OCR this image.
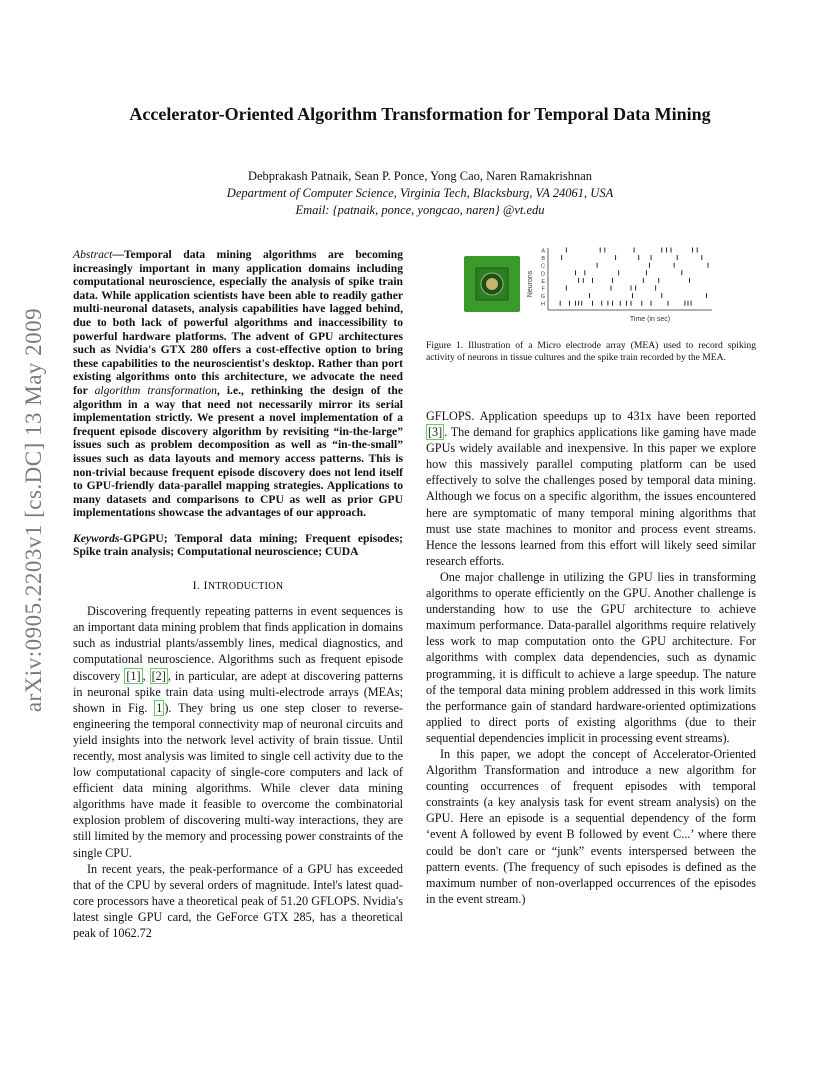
arXiv:0905.2203v1 [cs.DC] 13 May 2009
Accelerator-Oriented Algorithm Transformation for Temporal Data Mining
Debprakash Patnaik, Sean P. Ponce, Yong Cao, Naren Ramakrishnan
Department of Computer Science, Virginia Tech, Blacksburg, VA 24061, USA
Email: {patnaik, ponce, yongcao, naren} @vt.edu

Abstract—Temporal data mining algorithms are becoming increasingly important in many application domains including computational neuroscience, especially the analysis of spike train data. While application scientists have been able to readily gather multi-neuronal datasets, analysis capabilities have lagged behind, due to both lack of powerful algorithms and inaccessibility to powerful hardware platforms. The advent of GPU architectures such as Nvidia's GTX 280 offers a cost-effective option to bring these capabilities to the neuroscientist's desktop. Rather than port existing algorithms onto this architecture, we advocate the need for algorithm transformation, i.e., rethinking the design of the algorithm in a way that need not necessarily mirror its serial implementation strictly. We present a novel implementation of a frequent episode discovery algorithm by revisiting “in-the-large” issues such as problem decomposition as well as “in-the-small” issues such as data layouts and memory access patterns. This is non-trivial because frequent episode discovery does not lend itself to GPU-friendly data-parallel mapping strategies. Applications to many datasets and comparisons to CPU as well as prior GPU implementations showcase the advantages of our approach.

Keywords-GPGPU; Temporal data mining; Frequent episodes; Spike train analysis; Computational neuroscience; CUDA

I. INTRODUCTION

Discovering frequently repeating patterns in event sequences is an important data mining problem that finds application in domains such as industrial plants/assembly lines, medical diagnostics, and computational neuroscience. Algorithms such as frequent episode discovery [1] , [2] , in particular, are adept at discovering patterns in neuronal spike train data using multi-electrode arrays (MEAs; shown in Fig. 1 ). They bring us one step closer to reverse-engineering the temporal connectivity map of neuronal circuits and yield insights into the network level activity of brain tissue. Until recently, most analysis was limited to single cell activity due to the low computational capacity of single-core computers and lack of efficient data mining algorithms. While clever data mining algorithms have made it feasible to overcome the combinatorial explosion problem of discovering multi-way interactions, they are still limited by the memory and processing power constraints of the single CPU.

In recent years, the peak-performance of a GPU has exceeded that of the CPU by several orders of magnitude. Intel's latest quad-core processors have a theoretical peak of 51.20 GFLOPS. Nvidia's latest single GPU card, the GeForce GTX 285, has a theoretical peak of 1062.72

Neurons
A
B
C
D
E
F
G
H
Time (in sec)
Figure 1. Illustration of a Micro electrode array (MEA) used to record spiking activity of neurons in tissue cultures and the spike train recorded by the MEA.

GFLOPS. Application speedups up to 431x have been reported [3] . The demand for graphics applications like gaming have made GPUs widely available and inexpensive. In this paper we explore how this massively parallel computing platform can be used effectively to solve the challenges posed by temporal data mining. Although we focus on a specific algorithm, the issues encountered here are symptomatic of many temporal mining algorithms that must use state machines to monitor and process event streams. Hence the lessons learned from this effort will likely seed similar research efforts.

One major challenge in utilizing the GPU lies in transforming algorithms to operate efficiently on the GPU. Another challenge is understanding how to use the GPU architecture to achieve maximum performance. Data-parallel algorithms require relatively less work to map computation onto the GPU architecture. For algorithms with complex data dependencies, such as dynamic programming, it is difficult to achieve a large speedup. The nature of the temporal data mining problem addressed in this work limits the performance gain of standard hardware-oriented optimizations applied to direct ports of existing algorithms (due to their sequential dependencies implicit in processing event streams).

In this paper, we adopt the concept of Accelerator-Oriented Algorithm Transformation and introduce a new algorithm for counting occurrences of frequent episodes with temporal constraints (a key analysis task for event stream analysis) on the GPU. Here an episode is a sequential dependency of the form ‘event A followed by event B followed by event C...’ where there could be don't care or “junk” events interspersed between the pattern events. (The frequency of such episodes is defined as the maximum number of non-overlapped occurrences of the episodes in the event stream.)
